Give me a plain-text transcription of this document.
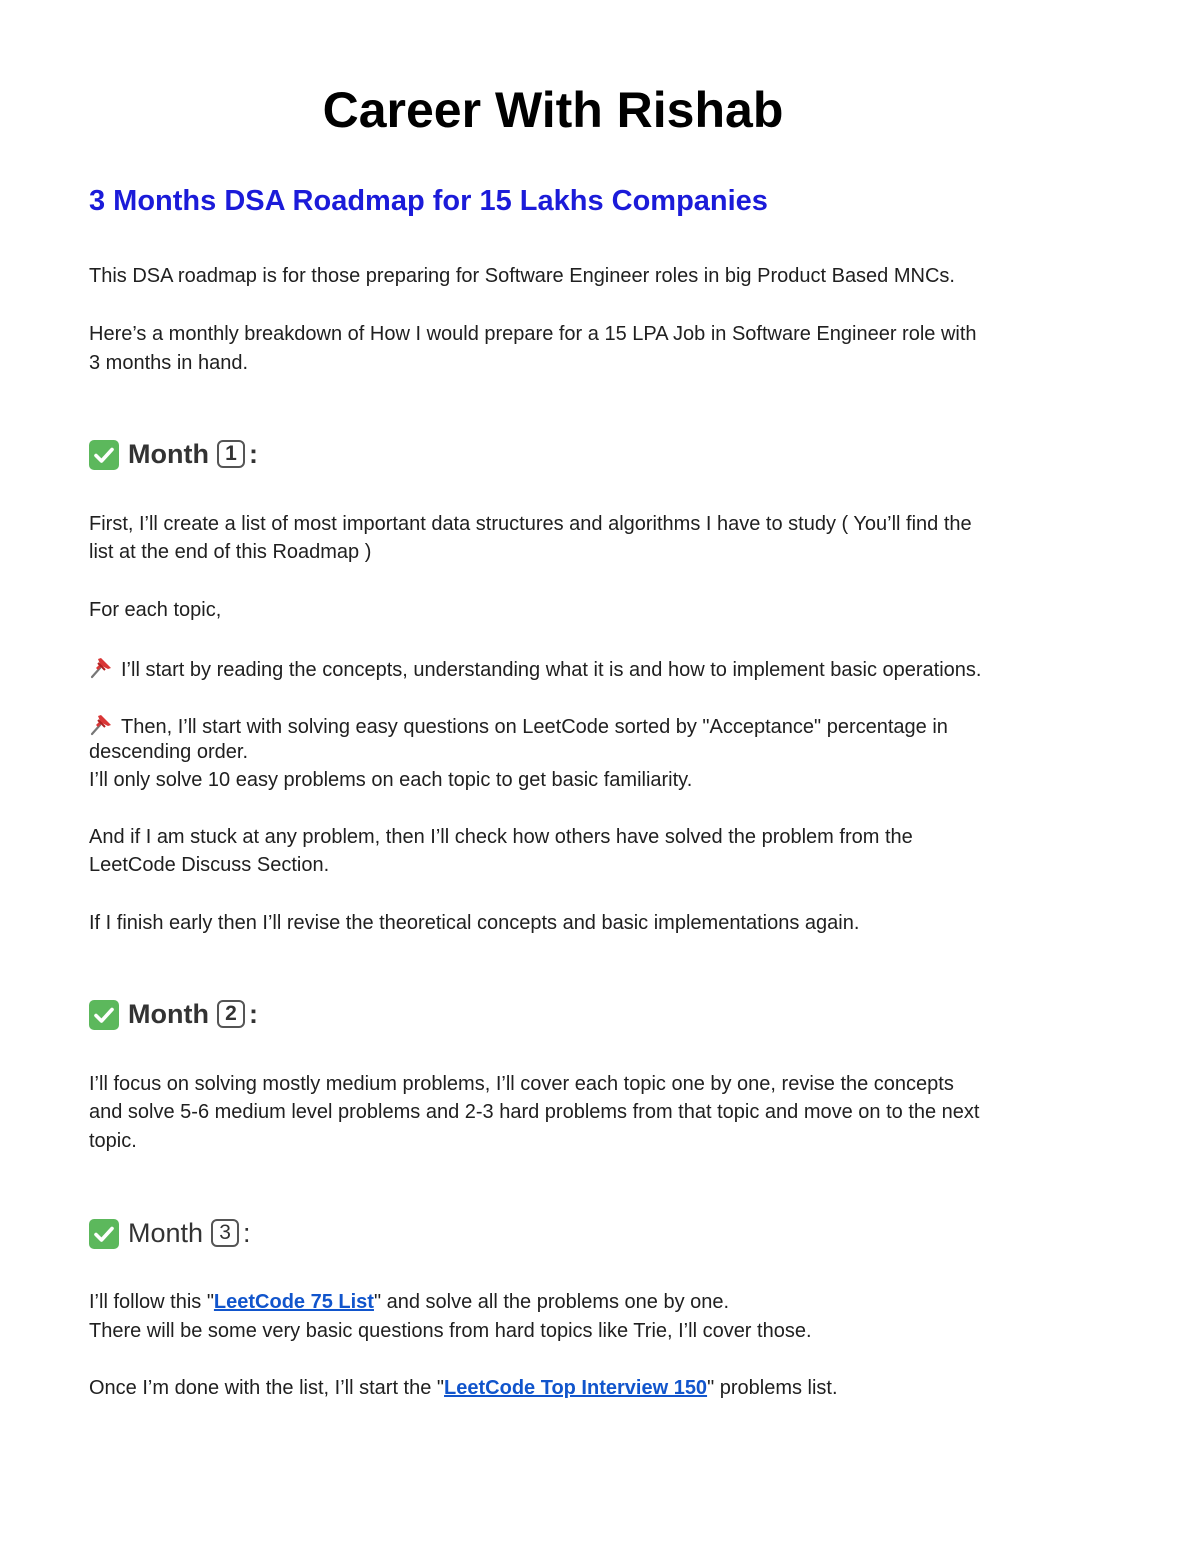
Career With Rishab
3 Months DSA Roadmap for 15 Lakhs Companies

This DSA roadmap is for those preparing for Software Engineer roles in big Product Based MNCs.

Here’s a monthly breakdown of How I would prepare for a 15 LPA Job in Software Engineer role with

3 months in hand.

Month 1 :

First, I’ll create a list of most important data structures and algorithms I have to study ( You’ll find the

list at the end of this Roadmap )

For each topic,

I’ll start by reading the concepts, understanding what it is and how to implement basic operations.

Then, I’ll start with solving easy questions on LeetCode sorted by "Acceptance" percentage in

descending order.

I’ll only solve 10 easy problems on each topic to get basic familiarity.

And if I am stuck at any problem, then I’ll check how others have solved the problem from the

LeetCode Discuss Section.

If I finish early then I’ll revise the theoretical concepts and basic implementations again.

Month 2 :

I’ll focus on solving mostly medium problems, I’ll cover each topic one by one, revise the concepts

and solve 5-6 medium level problems and 2-3 hard problems from that topic and move on to the next

topic.

Month 3 :

I’ll follow this "LeetCode 75 List" and solve all the problems one by one.

There will be some very basic questions from hard topics like Trie, I’ll cover those.

Once I’m done with the list, I’ll start the "LeetCode Top Interview 150" problems list.
